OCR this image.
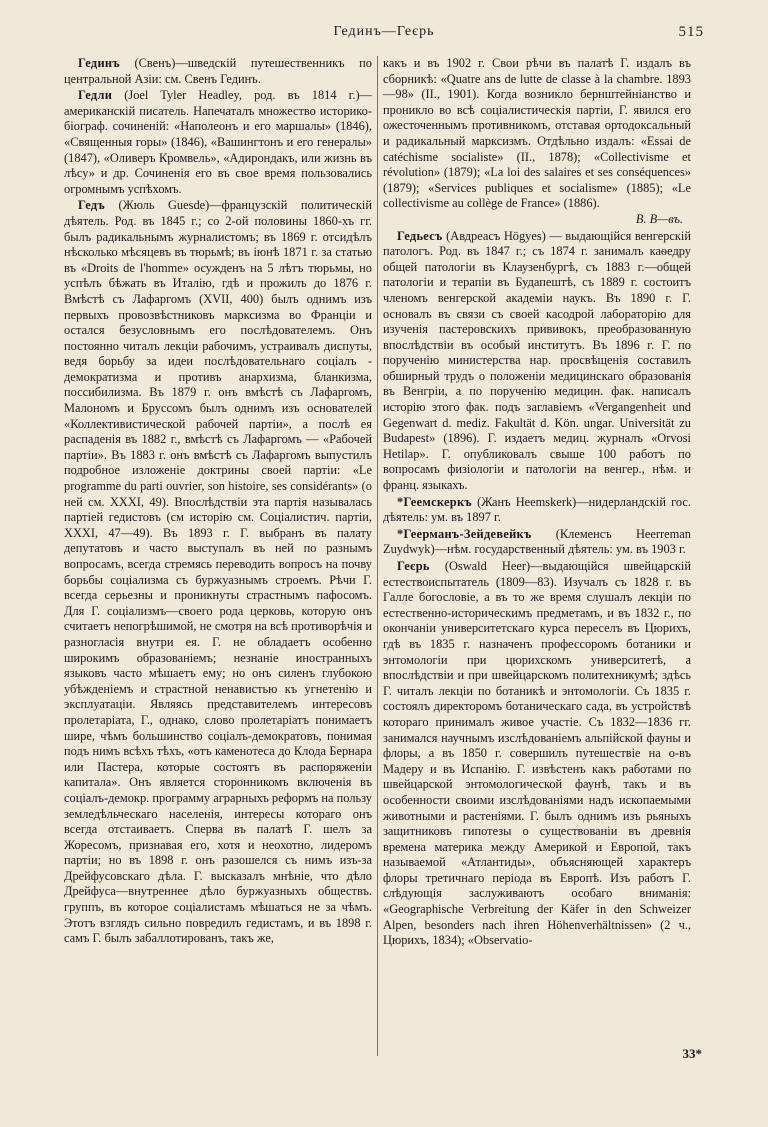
Гединъ—Геєрь	515

Гединъ (Свенъ)—шведскій путешественникъ по центральной Азіи: см. Свенъ Гединъ.

Гедли (Joel Tyler Headley, род. въ 1814 г.)—американскій писатель. Напечаталъ множество историко-біограф. сочиненій: «Наполеонъ и его маршалы» (1846), «Священныя горы» (1846), «Вашингтонъ и его генералы» (1847), «Оливеръ Кромвель», «Адирондакъ, или жизнь въ лѣсу» и др. Сочиненія его въ свое время пользовались огромнымъ успѣхомъ.

Гедъ (Жюль Guesde)—французскій политическій дѣятель. Род. въ 1845 г.; со 2-ой половины 1860-хъ гг. былъ радикальнымъ журналистомъ; въ 1869 г. отсидѣлъ нѣсколько мѣсяцевъ въ тюрьмѣ; въ іюнѣ 1871 г. за статью въ «Droits de l'homme» осужденъ на 5 лѣтъ тюрьмы, но успѣлъ бѣжать въ Италію, гдѣ и прожилъ до 1876 г. Вмѣстѣ съ Лафаргомъ (XVII, 400) былъ однимъ изъ первыхъ провозвѣстниковъ марксизма во Франціи и остался безусловнымъ его послѣдователемъ. Онъ постоянно читалъ лекціи рабочимъ, устраивалъ диспуты, ведя борьбу за идеи послѣдовательнаго соціалъ - демократизма и противъ анархизма, бланкизма, поссибилизма. Въ 1879 г. онъ вмѣстѣ съ Лафаргомъ, Малономъ и Бруссомъ былъ однимъ изъ основателей «Коллективистической рабочей партіи», а послѣ ея распаденія въ 1882 г., вмѣстѣ съ Лафаргомъ — «Рабочей партіи». Въ 1883 г. онъ вмѣстѣ съ Лафаргомъ выпустилъ подробное изложеніе доктрины своей партіи: «Le programme du parti ouvrier, son histoire, ses considérants» (о ней см. XXXI, 49). Впослѣдствіи эта партія называлась партіей гедистовъ (см исторію см. Соціалистич. партіи, XXXI, 47—49). Въ 1893 г. Г. выбранъ въ палату депутатовъ и часто выступалъ въ ней по разнымъ вопросамъ, всегда стремясь переводить вопросъ на почву борьбы соціализма съ буржуазнымъ строемъ. Рѣчи Г. всегда серьезны и проникнуты страстнымъ пафосомъ. Для Г. соціализмъ—своего рода церковь, которую онъ считаетъ непогрѣшимой, не смотря на всѣ противорѣчія и разногласія внутри ея. Г. не обладаетъ особенно широкимъ образованіемъ; незнаніе иностранныхъ языковъ часто мѣшаетъ ему; но онъ силенъ глубокою убѣжденіемъ и страстной ненавистью къ угнетенію и эксплуатаціи. Являясь представителемъ интересовъ пролетаріата, Г., однако, слово пролетаріатъ понимаетъ шире, чѣмъ большинство соціалъ-демократовъ, понимая подъ нимъ всѣхъ тѣхъ, «отъ каменотеса до Клода Бернара или Пастера, которые состоятъ въ распоряженіи капитала». Онъ является сторонникомъ включенія въ соціалъ-демокр. программу аграрныхъ реформъ на пользу земледѣльческаго населенія, интересы котораго онъ всегда отстаиваетъ. Сперва въ палатѣ Г. шелъ за Жоресомъ, признавая его, хотя и неохотно, лидеромъ партіи; но въ 1898 г. онъ разошелся съ нимъ изъ-за Дрейфусовскаго дѣла. Г. высказалъ мнѣніе, что дѣло Дрейфуса—внутреннее дѣло буржуазныхъ обществъ. группъ, въ которое соціалистамъ мѣшаться не за чѣмъ. Этотъ взглядъ сильно повредилъ гедистамъ, и въ 1898 г. самъ Г. былъ забаллотированъ, такъ же,

какъ и въ 1902 г. Свои рѣчи въ палатѣ Г. издалъ въ сборникѣ: «Quatre ans de lutte de classe à la chambre. 1893—98» (II., 1901). Когда возникло бернштейніанство и проникло во всѣ соціалистическія партіи, Г. явился его ожесточеннымъ противникомъ, отставая ортодоксальный и радикальный марксизмъ. Отдѣльно издалъ: «Essai de catéchisme socialiste» (II., 1878); «Collectivisme et révolution» (1879); «La loi des salaires et ses conséquences» (1879); «Services publiques et socialisme» (1885); «Le collectivisme au collège de France» (1886).
В. В—въ.

Гедьесъ (Авдреасъ Högyes) — выдающійся венгерскій патологъ. Род. въ 1847 г.; съ 1874 г. занималъ каѳедру общей патологіи въ Клаузенбургѣ, съ 1883 г.—общей патологіи и терапіи въ Будапештѣ, съ 1889 г. состоитъ членомъ венгерской академіи наукъ. Въ 1890 г. Г. основалъ въ связи съ своей касодрой лабораторію для изученія пастеровскихъ прививокъ, преобразованную впослѣдствіи въ особый институтъ. Въ 1896 г. Г. по порученію министерства нар. просвѣщенія составилъ обширный трудъ о положеніи медицинскаго образованія въ Венгріи, а по порученію медицин. фак. написалъ исторію этого фак. подъ заглавіемъ «Vergangenheit und Gegenwart d. mediz. Fakultät d. Kön. ungar. Universität zu Budapest» (1896). Г. издаетъ медиц. журналъ «Orvosi Hetilap». Г. опубликовалъ свыше 100 работъ по вопросамъ физіологіи и патологіи на венгер., нѣм. и франц. языкахъ.

*Геемскеркъ (Жанъ Heemskerk)—нидерландскій гос. дѣятель: ум. въ 1897 г.

*Геерманъ-Зейдевейкъ (Клеменсъ Heerreman Zuydwyk)—нѣм. государственный дѣятель: ум. въ 1903 г.

Геєрь (Oswald Heer)—выдающійся швейцарскій естествоиспытатель (1809—83). Изучалъ съ 1828 г. въ Галле богословіе, а въ то же время слушалъ лекціи по естественно-историческимъ предметамъ, и въ 1832 г., по окончаніи университетскаго курса переселъ въ Цюрихъ, гдѣ въ 1835 г. назначенъ профессоромъ ботаники и энтомологіи при цюрихскомъ университетѣ, а впослѣдствіи и при швейцарскомъ политехникумѣ; здѣсь Г. читалъ лекціи по ботаникѣ и энтомологіи. Съ 1835 г. состоялъ директоромъ ботаническаго сада, въ устройствѣ котораго принималъ живое участіе. Съ 1832—1836 гг. занимался научнымъ изслѣдованіемъ альпійской фауны и флоры, а въ 1850 г. совершилъ путешествіе на о-въ Мадеру и въ Испанію. Г. извѣстенъ какъ работами по швейцарской энтомологической фаунѣ, такъ и въ особенности своими изслѣдованіями надъ ископаемыми животными и растеніями. Г. былъ однимъ изъ рьяныхъ защитниковъ гипотезы о существованіи въ древнія времена материка между Америкой и Европой, такъ называемой «Атлантиды», объясняющей характеръ флоры третичнаго періода въ Европѣ. Изъ работъ Г. слѣдующія заслуживаютъ особаго вниманія: «Geographische Verbreitung der Käfer in den Schweizer Alpen, besonders nach ihren Höhenverhältnissen» (2 ч., Цюрихъ, 1834); «Observatio-

33*
